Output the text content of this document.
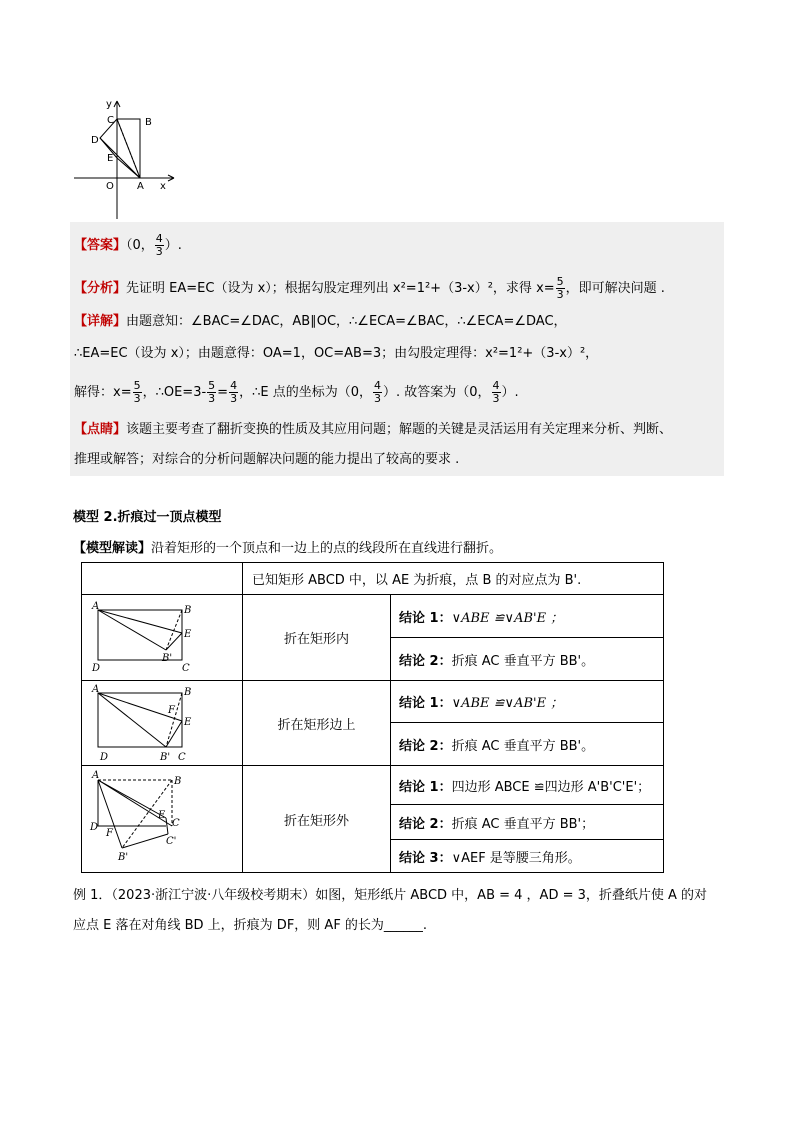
y
x
O A
B
C
D
E
【答案】（0， $\frac{4}{3}$ ）.
【分析】先证明 EA=EC（设为 x）；根据勾股定理列出 x²=1²+（3-x）²，求得 $x= \frac{5}{3}$ ，即可解决问题 .
【详解】由题意知：∠BAC=∠DAC，AB∥OC，∴∠ECA=∠BAC，∴∠ECA=∠DAC，
∴EA=EC（设为 x）；由题意得：OA=1，OC=AB=3；由勾股定理得：x²=1²+（3-x）²，
解得：$x= \frac{5}{3}$ ，∴OE=3- $\frac{5}{3} = \frac{4}{3}$ ，∴E 点的坐标为（0， $\frac{4}{3}$ ）. 故答案为（0， $\frac{4}{3}$ ）.
【点睛】该题主要考查了翻折变换的性质及其应用问题；解题的关键是灵活运用有关定理来分析、判断、
推理或解答；对综合的分析问题解决问题的能力提出了较高的要求 .
模型 2.折痕过一顶点模型
【模型解读】沿着矩形的一个顶点和一边上的点的线段所在直线进行翻折。
已知矩形 ABCD 中，以 AE 为折痕，点 B 的对应点为 B'.
A	B
E
B'
D	C
折在矩形内
结论 1： ∨ABE ≌∨AB'E ；
结论 2： 折痕 AC 垂直平方 BB'。
A	B
F
E
D	B' C
折在矩形边上
结论 1： ∨ABE ≌∨AB'E ；
结论 2： 折痕 AC 垂直平方 BB'。
A
B
E
C
D
F
C'
B'
折在矩形外
结论 1： 四边形 ABCE ≌四边形 A'B'C'E'；
结论 2： 折痕 AC 垂直平方 BB'；
结论 3： ∨AEF 是等腰三角形。
例 1．（2023·浙江宁波·八年级校考期末）如图，矩形纸片 ABCD 中，AB = 4 ，AD = 3，折叠纸片使 A 的对
应点 E 落在对角线 BD 上，折痕为 DF，则 AF 的长为______.
